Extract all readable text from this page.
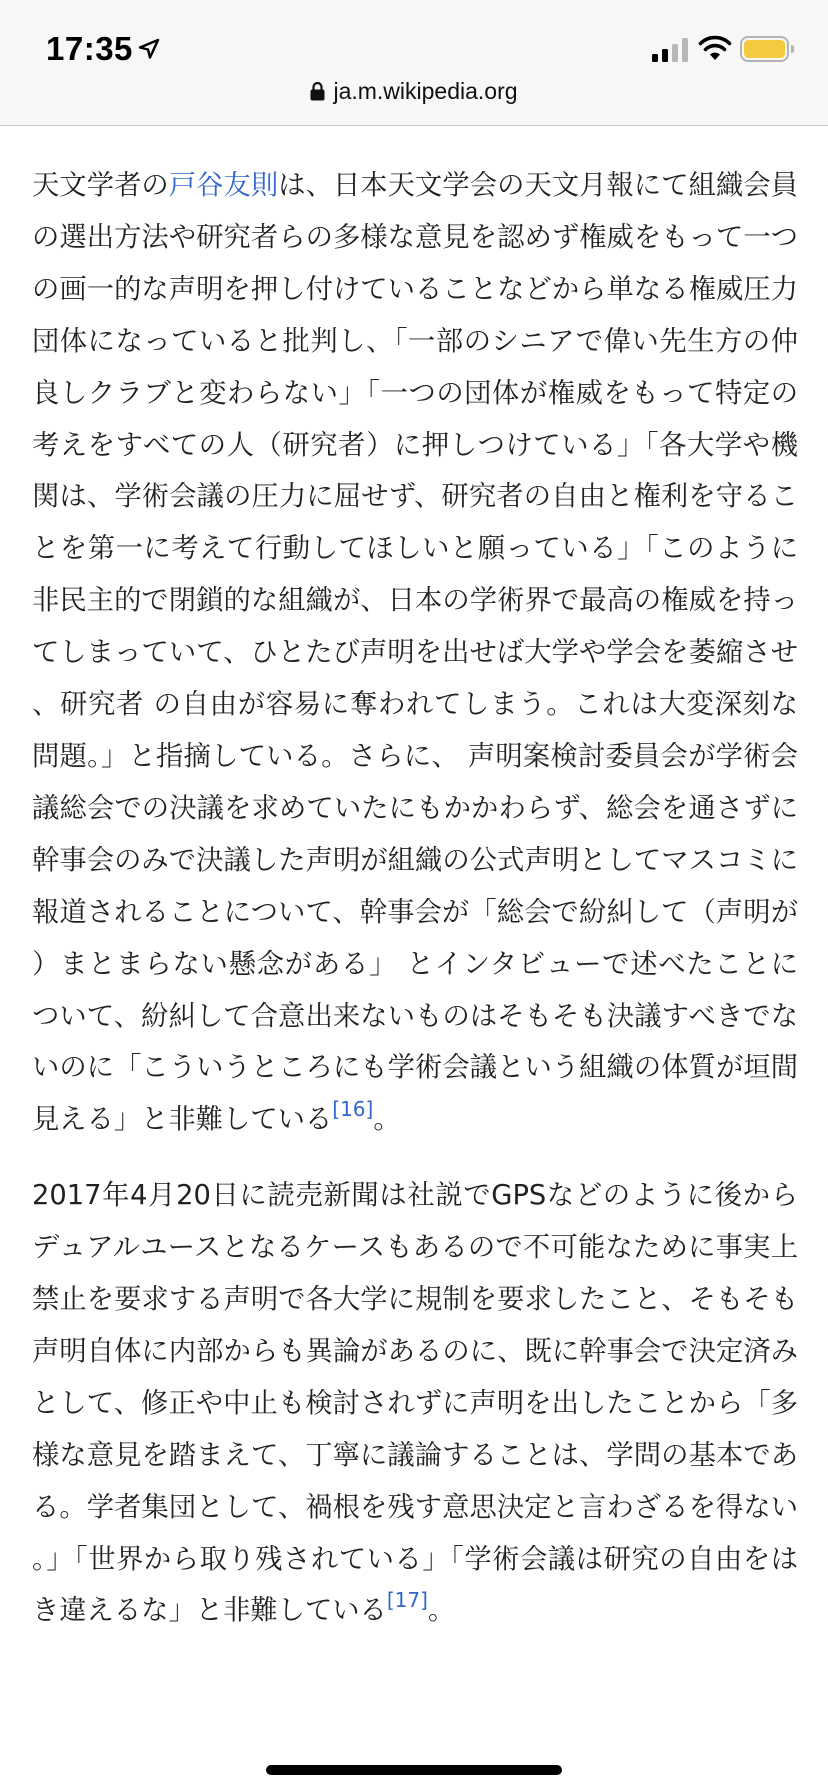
17:35
ja.m.wikipedia.org

天文学者の戸谷友則は、日本天文学会の天文月報にて組織会員の選出方法や研究者らの多様な意見を認めず権威をもって一つの画一的な声明を押し付けていることなどから単なる権威圧力団体になっていると批判し、「一部のシニアで偉い先生方の仲良しクラブと変わらない」「一つの団体が権威をもって特定の考えをすべての人（研究者）に押しつけている」「各大学や機関は、学術会議の圧力に屈せず、研究者の自由と権利を守ることを第一に考えて行動してほしいと願っている」「このように非民主的で閉鎖的な組織が、日本の学術界で最高の権威を持ってしまっていて、ひとたび声明を出せば大学や学会を萎縮させ、研究者 の自由が容易に奪われてしまう。これは大変深刻な問題。」と指摘している。さらに、 声明案検討委員会が学術会議総会での決議を求めていたにもかかわらず、総会を通さずに幹事会のみで決議した声明が組織の公式声明としてマスコミに報道されることについて、幹事会が「総会で紛糾して（声明が）まとまらない懸念がある」 とインタビューで述べたことについて、紛糾して合意出来ないものはそもそも決議すべきでないのに「こういうところにも学術会議という組織の体質が垣間見える」と非難している[16]。

2017年4月20日に読売新聞は社説でGPSなどのように後からデュアルユースとなるケースもあるので不可能なために事実上禁止を要求する声明で各大学に規制を要求したこと、そもそも声明自体に内部からも異論があるのに、既に幹事会で決定済みとして、修正や中止も検討されずに声明を出したことから「多様な意見を踏まえて、丁寧に議論することは、学問の基本である。学者集団として、禍根を残す意思決定と言わざるを得ない。」「世界から取り残されている」「学術会議は研究の自由をはき違えるな」と非難している[17]。
